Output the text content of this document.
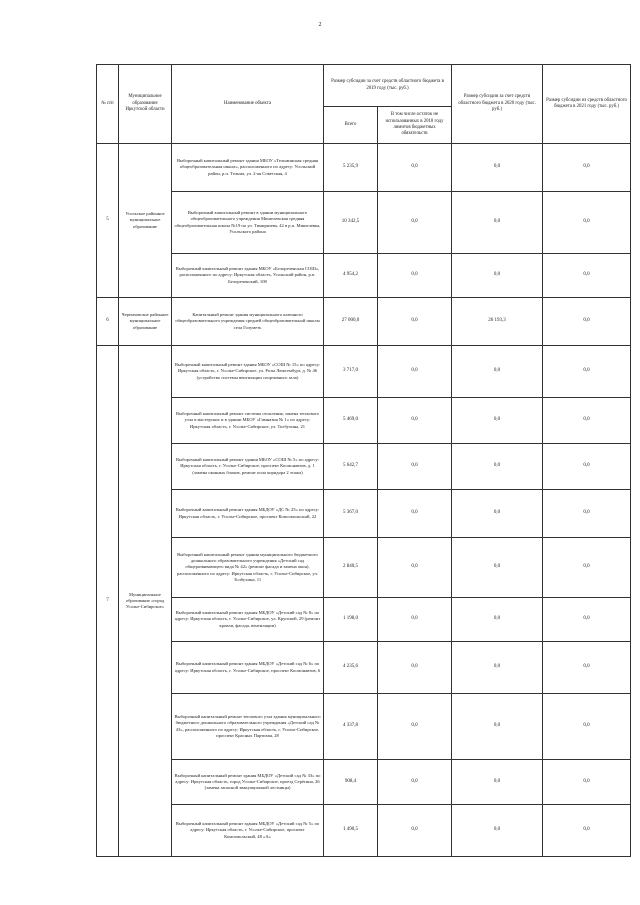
2
№ п/п	Муниципальное образование Иркутской области	Наименование объекта	Размер субсидии за счет средств областного бюджета в 2019 году (тыс. руб.)		Размер субсидии за счет средств областного бюджета в 2020 году (тыс. руб.)	Размер субсидии из средств областного бюджета в 2021 году (тыс. руб.)
			Всего	В том числе остаток не использованных в 2018 году лимитов бюджетных обязательств		
5	Усольское районное муниципальное образование	Выборочный капитальный ремонт здания МБОУ «Тельминская средняя общеобразовательная школа», расположенного по адресу: Усольский район, р.п. Тельма, ул. 2-ая Советская, 4	5 235,9	0,0	0,0	0,0
		Выборочный капитальный ремонт в здании муниципального общеобразовательного учреждения Мишелевская средняя общеобразовательная школа №19 по ул. Тимирязева, 42 в р.п. Мишелевка, Усольского района	10 342,5	0,0	0,0	0,0
		Выборочный капитальный ремонт здания МБОУ «Белореченская СОШ», расположенного по адресу: Иркутская область, Усольский район, р.п. Белореченский, 108	4 954,2	0,0	0,0	0,0
6	Черемховское районное муниципальное образование	Капитальный ремонт здания муниципального казенного общеобразовательного учреждения средней общеобразовательной школы села Голуметь	27 000,0	0,0	26 193,3	0,0
7	Муниципальное образование «город Усолье-Сибирское»	Выборочный капитальный ремонт здания МБОУ «СОШ № 15» по адресу: Иркутская область, г. Усолье-Сибирское, ул. Розы Люксембург, д. № 46 (устройство системы вентиляции спортивного зала)	3 717,0	0,0	0,0	0,0
		Выборочный капитальный ремонт системы отопления, замена теплового узла в мастерских и в здании МБОУ «Гимназия № 1» по адресу: Иркутская область, г. Усолье-Сибирское, ул. Толбухина, 21	5 469,0	0,0	0,0	0,0
		Выборочный капитальный ремонт здания МБОУ «СОШ № 5» по адресу: Иркутская область, г. Усолье-Сибирское, проспект Космонавтов, д. 1 (замена оконных блоков, ремонт пола коридора 2 этажа)	5 642,7	0,0	0,0	0,0
		Выборочный капитальный ремонт здания МБДОУ «ДС № 25» по адресу: Иркутская область, г. Усолье-Сибирское, проспект Комсомольский, 22	5 367,0	0,0	0,0	0,0
		Выборочный капитальный ремонт здания муниципального бюджетного дошкольного образовательного учреждения «Детский сад общеразвивающего вида № 42» (ремонт фасада и замена окон), расположенного по адресу: Иркутская область, г. Усолье-Сибирское, ул. Толбухина, 11	2 840,5	0,0	0,0	0,0
		Выборочный капитальный ремонт здания МБДОУ «Детский сад № 8» по адресу: Иркутская область, г. Усолье-Сибирское, ул. Крупской, 29 (ремонт кровли, фасада, вентиляции)	1 198,0	0,0	0,0	0,0
		Выборочный капитальный ремонт здания МБДОУ «Детский сад № 6» по адресу: Иркутская область, г. Усолье-Сибирское, проспект Космонавтов, 6	4 235,6	0,0	0,0	0,0
		Выборочный капитальный ремонт теплового узла здания муниципального бюджетного дошкольного образовательного учреждения «Детский сад № 43», расположенного по адресу: Иркутская область, г. Усолье-Сибирское, проспект Красных Партизан, 28	4 337,8	0,0	0,0	0,0
		Выборочный капитальный ремонт здания МБДОУ «Детский сад № 33» по адресу: Иркутская область, город Усолье-Сибирское, проезд Серёгина, 26 (замена запасной эвакуационной лестницы)	908,4	0,0	0,0	0,0
		Выборочный капитальный ремонт здания МБДОУ «Детский сад № 5» по адресу: Иркутская область, г. Усолье-Сибирское, проспект Комсомольский, 48 «А»	1 490,5	0,0	0,0	0,0
